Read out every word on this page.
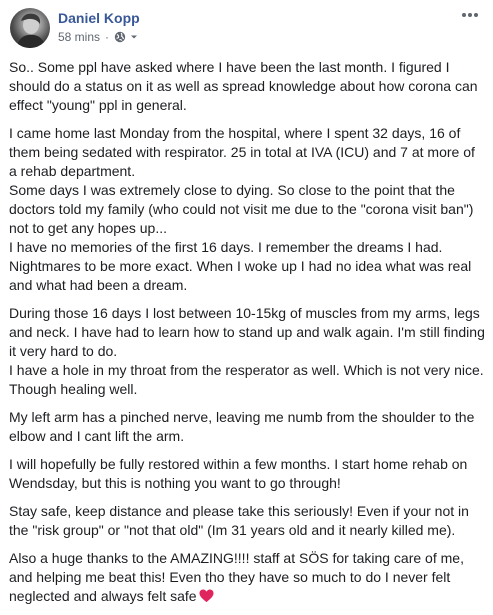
Daniel Kopp
58 mins ·

So.. Some ppl have asked where I have been the last month. I figured I
should do a status on it as well as spread knowledge about how corona can
effect "young" ppl in general.

I came home last Monday from the hospital, where I spent 32 days, 16 of
them being sedated with respirator. 25 in total at IVA (ICU) and 7 at more of
a rehab department.
Some days I was extremely close to dying. So close to the point that the
doctors told my family (who could not visit me due to the "corona visit ban")
not to get any hopes up...
I have no memories of the first 16 days. I remember the dreams I had.
Nightmares to be more exact. When I woke up I had no idea what was real
and what had been a dream.

During those 16 days I lost between 10-15kg of muscles from my arms, legs
and neck. I have had to learn how to stand up and walk again. I'm still finding
it very hard to do.
I have a hole in my throat from the resperator as well. Which is not very nice.
Though healing well.

My left arm has a pinched nerve, leaving me numb from the shoulder to the
elbow and I cant lift the arm.

I will hopefully be fully restored within a few months. I start home rehab on
Wendsday, but this is nothing you want to go through!

Stay safe, keep distance and please take this seriously! Even if your not in
the "risk group" or "not that old" (Im 31 years old and it nearly killed me).

Also a huge thanks to the AMAZING!!!! staff at SÖS for taking care of me,
and helping me beat this! Even tho they have so much to do I never felt
neglected and always felt safe
